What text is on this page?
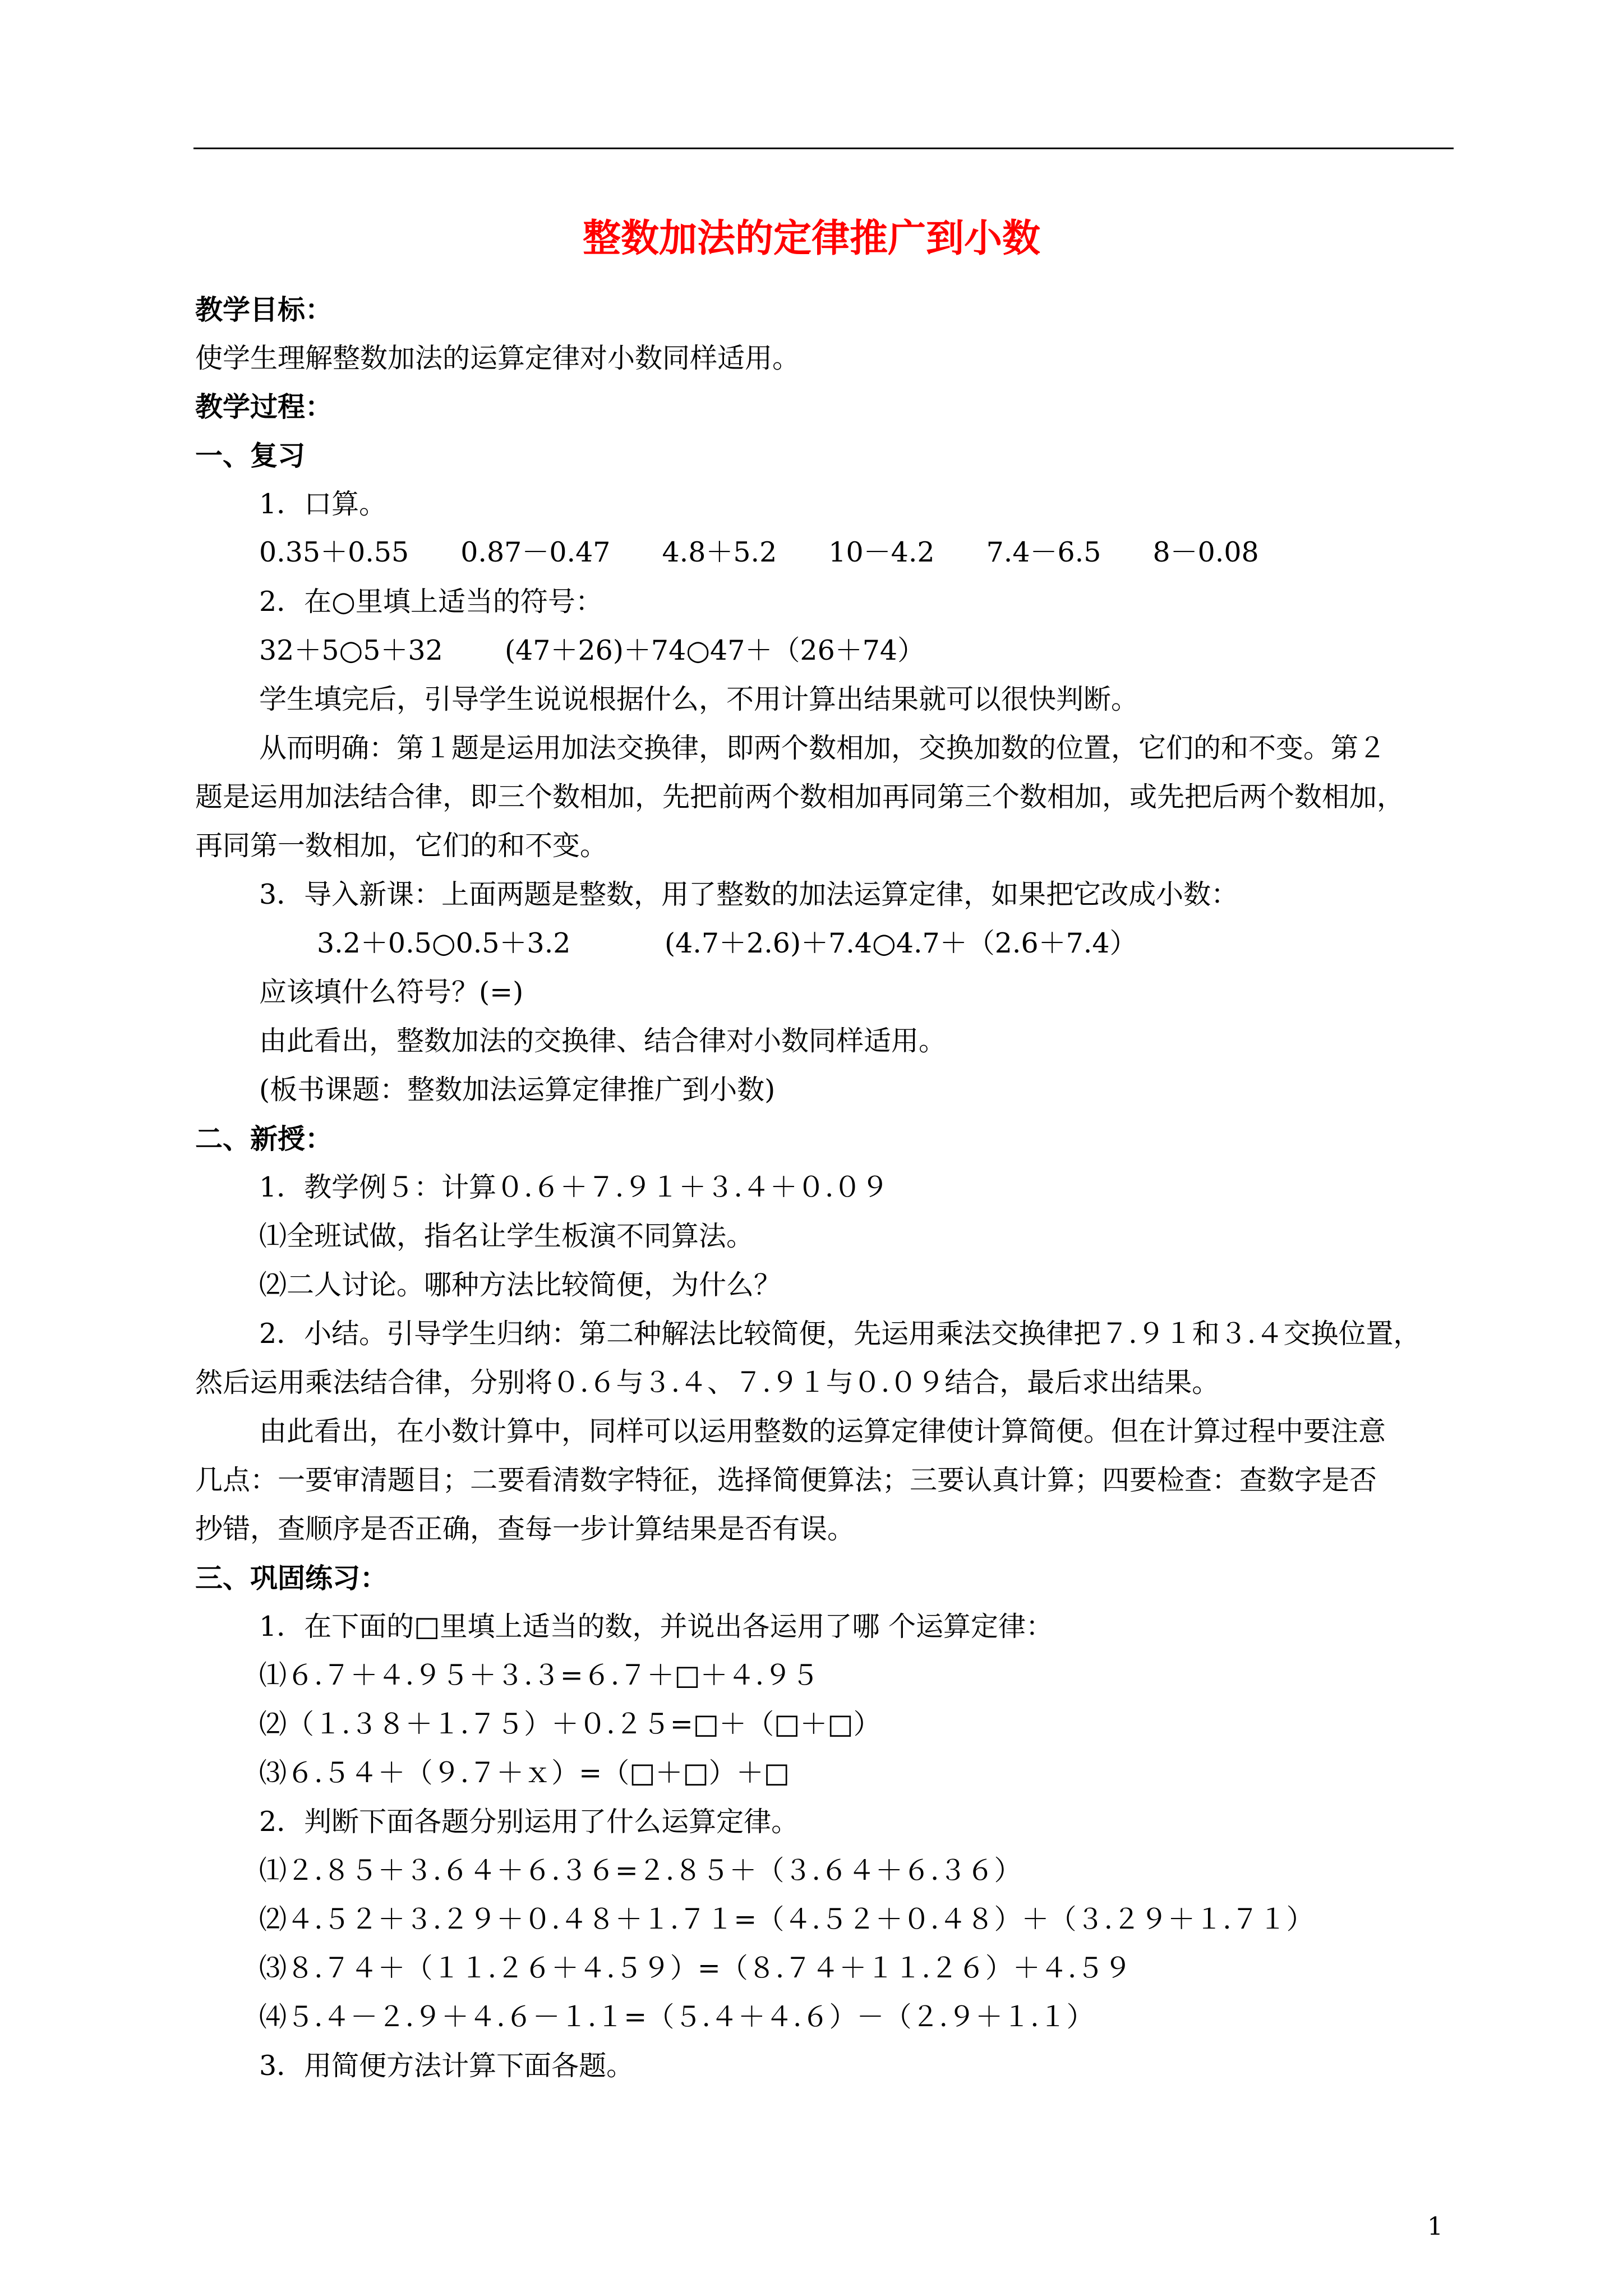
整数加法的定律推广到小数
教学目标：
使学生理解整数加法的运算定律对小数同样适用。
教学过程：
一、复习
1．口算。
0.35＋0.55 0.87－0.47 4.8＋5.2 10－4.2 7.4－6.5 8－0.08
2．在○里填上适当的符号：
32＋5○5＋32 (47＋26)＋74○47＋（26＋74）
学生填完后，引导学生说说根据什么，不用计算出结果就可以很快判断。
从而明确：第１题是运用加法交换律，即两个数相加，交换加数的位置，它们的和不变。第２
题是运用加法结合律，即三个数相加，先把前两个数相加再同第三个数相加，或先把后两个数相加，
再同第一数相加，它们的和不变。
3．导入新课：上面两题是整数，用了整数的加法运算定律，如果把它改成小数：
3.2＋0.5○0.5＋3.2	(4.7＋2.6)＋7.4○4.7＋（2.6＋7.4）
应该填什么符号？(=)
由此看出，整数加法的交换律、结合律对小数同样适用。
(板书课题：整数加法运算定律推广到小数)
二、新授：
1．教学例５：计算０.６＋７.９１＋３.４＋０.０９
⑴全班试做，指名让学生板演不同算法。
⑵二人讨论。哪种方法比较简便，为什么？
2．小结。引导学生归纳：第二种解法比较简便，先运用乘法交换律把７.９１和３.４交换位置，
然后运用乘法结合律，分别将０.６与３.４、７.９１与０.０９结合，最后求出结果。
由此看出，在小数计算中，同样可以运用整数的运算定律使计算简便。但在计算过程中要注意
几点：一要审清题目；二要看清数字特征，选择简便算法；三要认真计算；四要检查：查数字是否
抄错，查顺序是否正确，查每一步计算结果是否有误。
三、巩固练习：
1．在下面的□里填上适当的数，并说出各运用了哪 个运算定律：
⑴６.７＋４.９５＋３.３=６.７＋□＋４.９５
⑵（１.３８＋１.７５）＋０.２５=□＋（□＋□）
⑶６.５４＋（９.７＋ｘ）=（□＋□）＋□
2．判断下面各题分别运用了什么运算定律。
⑴２.８５＋３.６４＋６.３６=２.８５＋（３.６４＋６.３６）
⑵４.５２＋３.２９＋０.４８＋１.７１=（４.５２＋０.４８）＋（３.２９＋１.７１）
⑶８.７４＋（１１.２６＋４.５９）=（８.７４＋１１.２６）＋４.５９
⑷５.４－２.９＋４.６－１.１=（５.４＋４.６）－（２.９＋１.１）
3．用简便方法计算下面各题。
1
